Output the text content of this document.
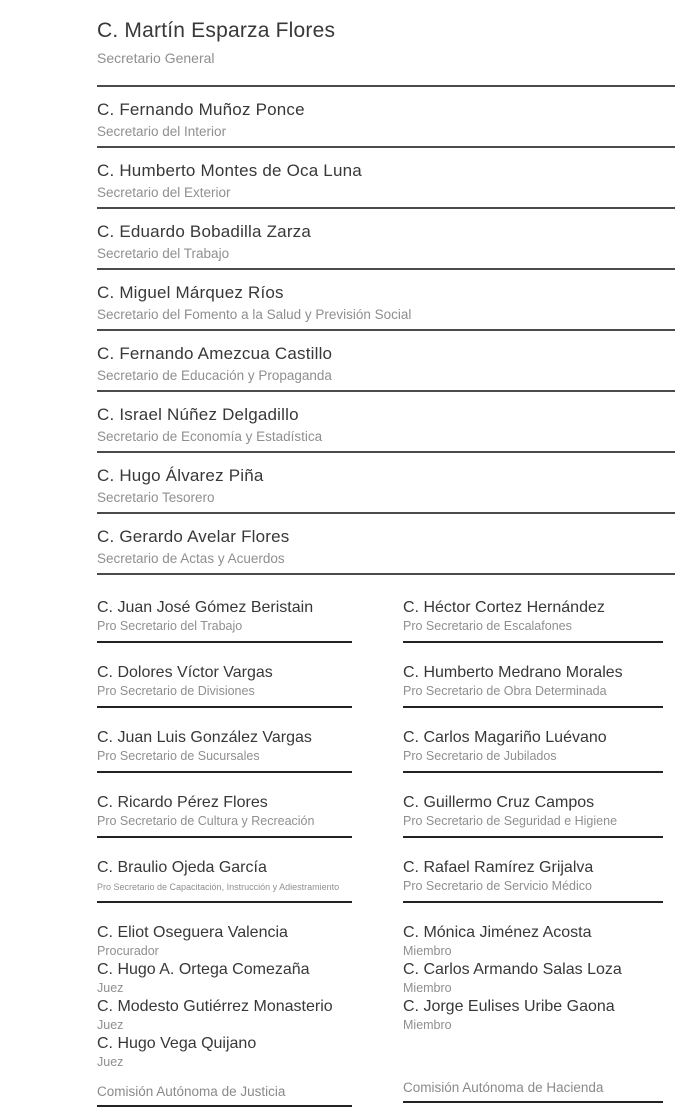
C. Martín Esparza Flores
Secretario General
C. Fernando Muñoz Ponce
Secretario del Interior
C. Humberto Montes de Oca Luna
Secretario del Exterior
C. Eduardo Bobadilla Zarza
Secretario del Trabajo
C. Miguel Márquez Ríos
Secretario del Fomento a la Salud y Previsión Social
C. Fernando Amezcua Castillo
Secretario de Educación y Propaganda
C. Israel Núñez Delgadillo
Secretario de Economía y Estadística
C. Hugo Álvarez Piña
Secretario Tesorero
C. Gerardo Avelar Flores
Secretario de Actas y Acuerdos
C. Juan José Gómez Beristain
Pro Secretario del Trabajo
C. Dolores Víctor Vargas
Pro Secretario de Divisiones
C. Juan Luis González Vargas
Pro Secretario de Sucursales
C. Ricardo Pérez Flores
Pro Secretario de Cultura y Recreación
C. Braulio Ojeda García
Pro Secretario de Capacitación, Instrucción y Adiestramiento
C. Eliot Oseguera Valencia
Procurador
C. Hugo A. Ortega Comezaña
Juez
C. Modesto Gutiérrez Monasterio
Juez
C. Hugo Vega Quijano
Juez
Comisión Autónoma de Justicia
C. Héctor Cortez Hernández
Pro Secretario de Escalafones
C. Humberto Medrano Morales
Pro Secretario de Obra Determinada
C. Carlos Magariño Luévano
Pro Secretario de Jubilados
C. Guillermo Cruz Campos
Pro Secretario de Seguridad e Higiene
C. Rafael Ramírez Grijalva
Pro Secretario de Servicio Médico
C. Mónica Jiménez Acosta
Miembro
C. Carlos Armando Salas Loza
Miembro
C. Jorge Eulises Uribe Gaona
Miembro
Comisión Autónoma de Hacienda
